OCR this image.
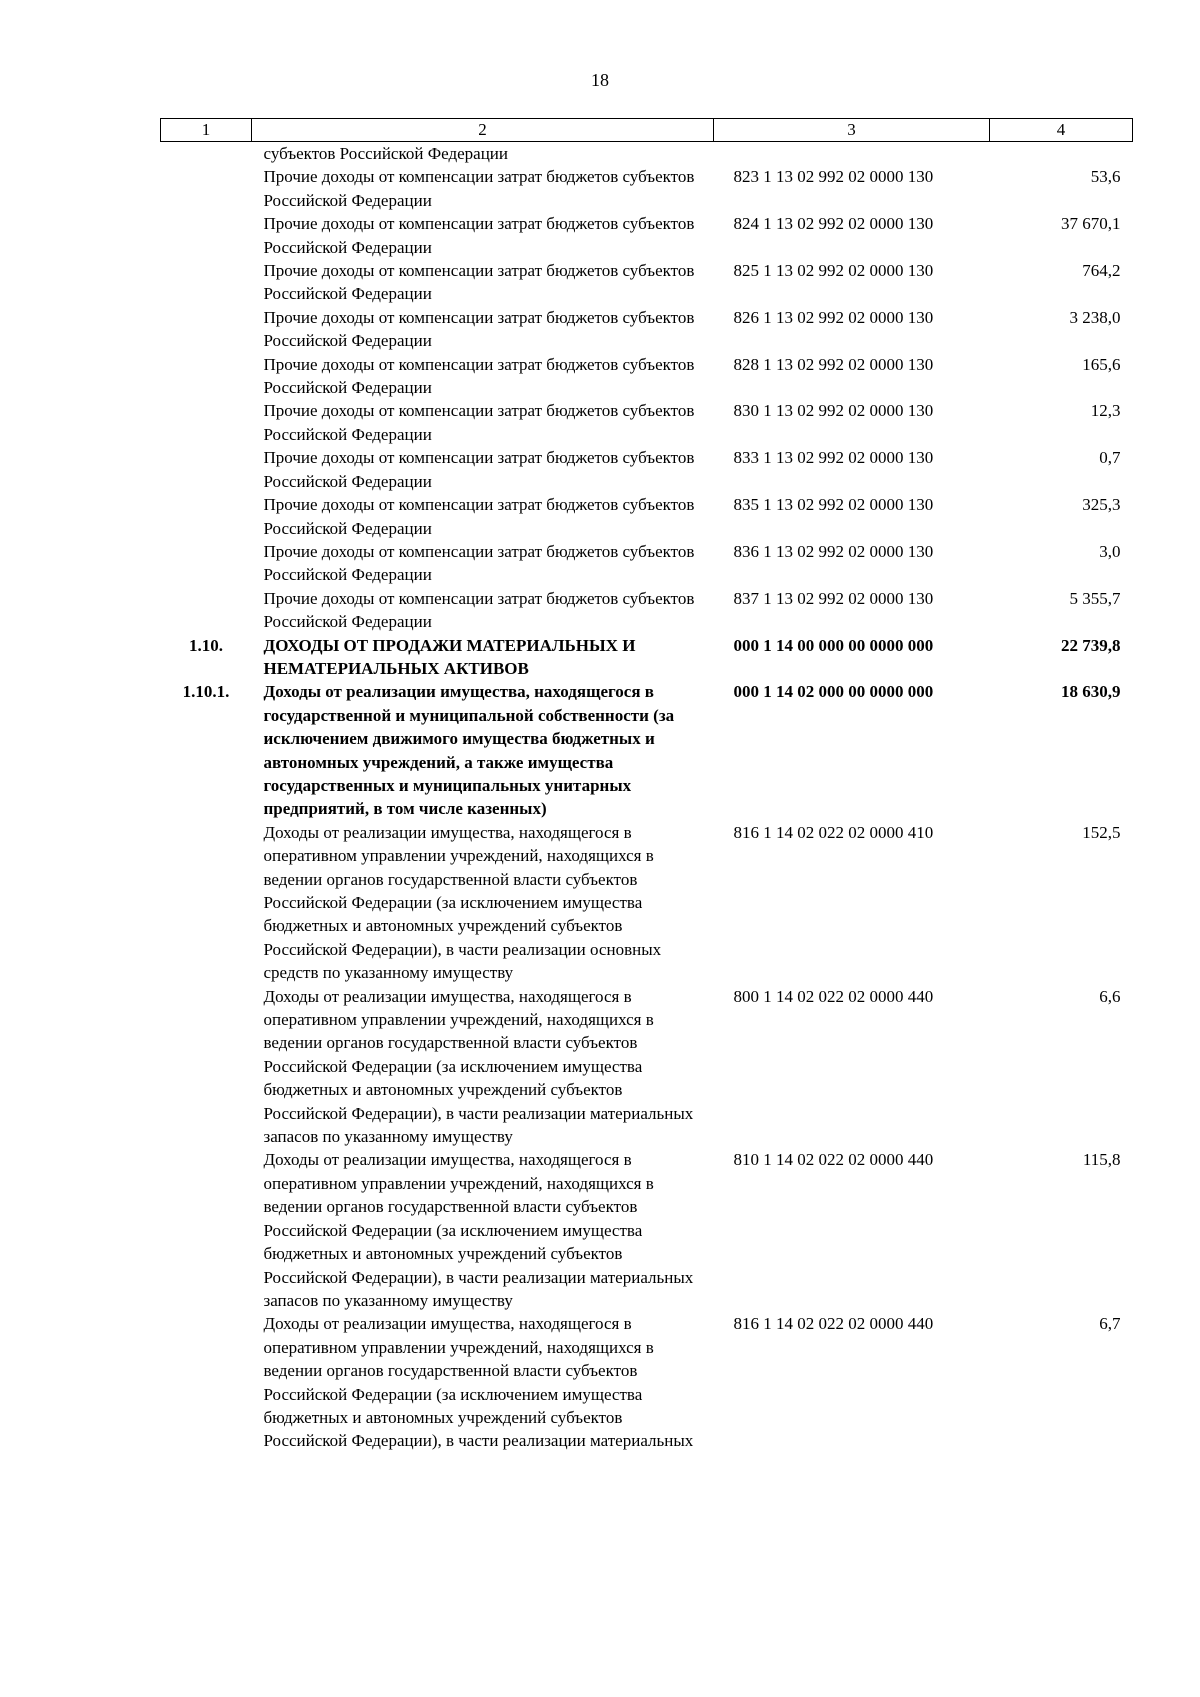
18
1	2	3	4
	субъектов Российской Федерации		
	Прочие доходы от компенсации затрат бюджетов субъектов Российской Федерации	823 1 13 02 992 02 0000 130	53,6
	Прочие доходы от компенсации затрат бюджетов субъектов Российской Федерации	824 1 13 02 992 02 0000 130	37 670,1
	Прочие доходы от компенсации затрат бюджетов субъектов Российской Федерации	825 1 13 02 992 02 0000 130	764,2
	Прочие доходы от компенсации затрат бюджетов субъектов Российской Федерации	826 1 13 02 992 02 0000 130	3 238,0
	Прочие доходы от компенсации затрат бюджетов субъектов Российской Федерации	828 1 13 02 992 02 0000 130	165,6
	Прочие доходы от компенсации затрат бюджетов субъектов Российской Федерации	830 1 13 02 992 02 0000 130	12,3
	Прочие доходы от компенсации затрат бюджетов субъектов Российской Федерации	833 1 13 02 992 02 0000 130	0,7
	Прочие доходы от компенсации затрат бюджетов субъектов Российской Федерации	835 1 13 02 992 02 0000 130	325,3
	Прочие доходы от компенсации затрат бюджетов субъектов Российской Федерации	836 1 13 02 992 02 0000 130	3,0
	Прочие доходы от компенсации затрат бюджетов субъектов Российской Федерации	837 1 13 02 992 02 0000 130	5 355,7
1.10.	ДОХОДЫ ОТ ПРОДАЖИ МАТЕРИАЛЬНЫХ И НЕМАТЕРИАЛЬНЫХ АКТИВОВ	000 1 14 00 000 00 0000 000	22 739,8
1.10.1.	Доходы от реализации имущества, находящегося в государственной и муниципальной собственности (за исключением движимого имущества бюджетных и автономных учреждений, а также имущества государственных и муниципальных унитарных предприятий, в том числе казенных)	000 1 14 02 000 00 0000 000	18 630,9
	Доходы от реализации имущества, находящегося в оперативном управлении учреждений, находящихся в ведении органов государственной власти субъектов Российской Федерации (за исключением имущества бюджетных и автономных учреждений субъектов Российской Федерации), в части реализации основных средств по указанному имуществу	816 1 14 02 022 02 0000 410	152,5
	Доходы от реализации имущества, находящегося в оперативном управлении учреждений, находящихся в ведении органов государственной власти субъектов Российской Федерации (за исключением имущества бюджетных и автономных учреждений субъектов Российской Федерации), в части реализации материальных запасов по указанному имуществу	800 1 14 02 022 02 0000 440	6,6
	Доходы от реализации имущества, находящегося в оперативном управлении учреждений, находящихся в ведении органов государственной власти субъектов Российской Федерации (за исключением имущества бюджетных и автономных учреждений субъектов Российской Федерации), в части реализации материальных запасов по указанному имуществу	810 1 14 02 022 02 0000 440	115,8
	Доходы от реализации имущества, находящегося в оперативном управлении учреждений, находящихся в ведении органов государственной власти субъектов Российской Федерации (за исключением имущества бюджетных и автономных учреждений субъектов Российской Федерации), в части реализации материальных	816 1 14 02 022 02 0000 440	6,7
